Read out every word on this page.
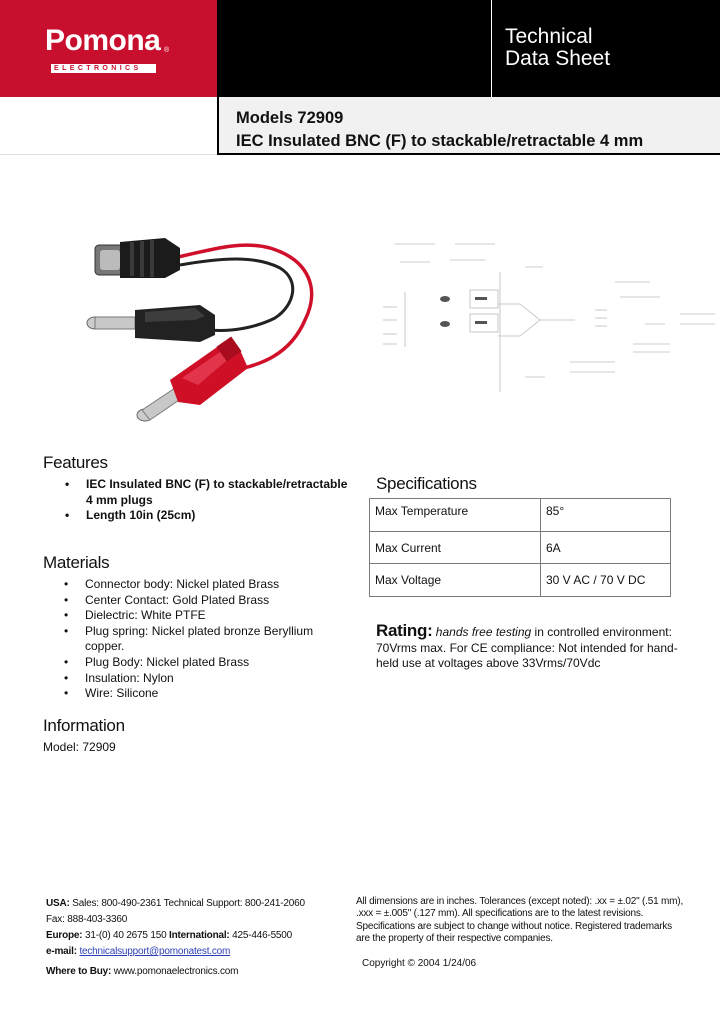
Pomona ®
ELECTRONICS
Technical
Data Sheet
Models 72909
IEC Insulated BNC (F) to stackable/retractable 4 mm
Features
• IEC Insulated BNC (F) to stackable/retractable 4 mm plugs
• Length 10in (25cm)
Materials
• Connector body: Nickel plated Brass
• Center Contact: Gold Plated Brass
• Dielectric: White PTFE
• Plug spring: Nickel plated bronze Beryllium copper.
• Plug Body: Nickel plated Brass
• Insulation: Nylon
• Wire: Silicone
Information
Model: 72909
Specifications
Max Temperature	85°
Max Current	6A
Max Voltage	30 V AC / 70 V DC
Rating: hands free testing in controlled environment: 70Vrms max. For CE compliance: Not intended for hand-held use at voltages above 33Vrms/70Vdc
USA: Sales: 800-490-2361 Technical Support: 800-241-2060 Fax: 888-403-3360
Europe: 31-(0) 40 2675 150 International: 425-446-5500
e-mail: technicalsupport@pomonatest.com
Where to Buy: www.pomonaelectronics.com
All dimensions are in inches. Tolerances (except noted): .xx = ±.02" (.51 mm), .xxx = ±.005" (.127 mm). All specifications are to the latest revisions. Specifications are subject to change without notice. Registered trademarks are the property of their respective companies.
Copyright © 2004 1/24/06
